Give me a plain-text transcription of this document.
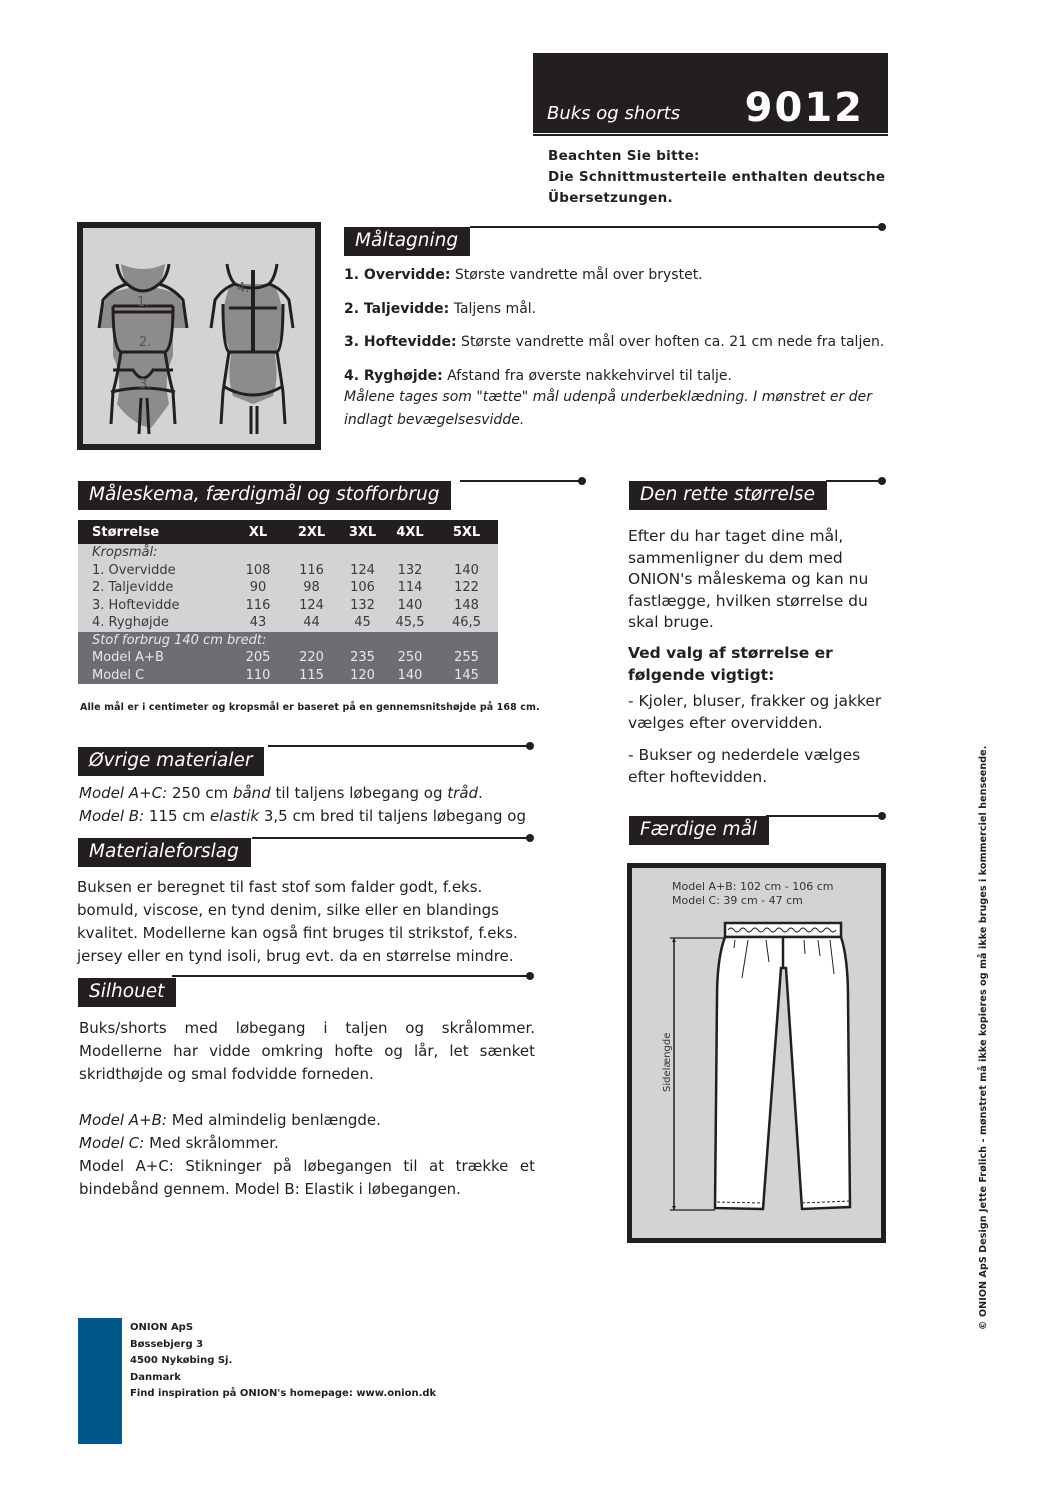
Buks og shorts 9012
Beachten Sie bitte:
Die Schnittmusterteile enthalten deutsche
Übersetzungen.
1.
2.
3.
4.
Måltagning

1. Overvidde: Største vandrette mål over brystet.

2. Taljevidde: Taljens mål.

3. Hoftevidde: Største vandrette mål over hoften ca. 21 cm nede fra taljen.

4. Ryghøjde: Afstand fra øverste nakkehvirvel til talje.

Målene tages som "tætte" mål udenpå underbeklædning. I mønstret er der indlagt bevægelsesvidde.

Måleskema, færdigmål og stofforbrug
Størrelse	XL	2XL	3XL	4XL	5XL
Kropsmål:					
1. Overvidde	108	116	124	132	140
2. Taljevidde	90	98	106	114	122
3. Hoftevidde	116	124	132	140	148
4. Ryghøjde	43	44	45	45,5	46,5
Stof forbrug 140 cm bredt:					
Model A+B	205	220	235	250	255
Model C	110	115	120	140	145
Alle mål er i centimeter og kropsmål er baseret på en gennemsnitshøjde på 168 cm.
Øvrige materialer
Model A+C: 250 cm bånd til taljens løbegang og tråd.
Model B: 115 cm elastik 3,5 cm bred til taljens løbegang og
Materialeforslag
Buksen er beregnet til fast stof som falder godt, f.eks. bomuld, viscose, en tynd denim, silke eller en blandings kvalitet. Modellerne kan også fint bruges til strikstof, f.eks. jersey eller en tynd isoli, brug evt. da en størrelse mindre.
Silhouet

Buks/shorts med løbegang i taljen og skrålommer. Modellerne har vidde omkring hofte og lår, let sænket skridthøjde og smal fodvidde forneden.

Model A+B: Med almindelig benlængde.

Model C: Med skrålommer.

Model A+C: Stikninger på løbegangen til at trække et bindebånd gennem. Model B: Elastik i løbegangen.

Den rette størrelse
Efter du har taget dine mål, sammenligner du dem med ONION's måleskema og kan nu fastlægge, hvilken størrelse du skal bruge.
Ved valg af størrelse er følgende vigtigt:
- Kjoler, bluser, frakker og jakker vælges efter overvidden.
- Bukser og nederdele vælges efter hoftevidden.
Færdige mål
Sidelængde
Model A+B: 102 cm - 106 cm
Model C: 39 cm - 47 cm
ONION ApS
Bøssebjerg 3
4500 Nykøbing Sj.
Danmark
Find inspiration på ONION's homepage: www.onion.dk
© ONION ApS Design Jette Frølich - mønstret må ikke kopieres og må ikke bruges i kommerciel henseende.
